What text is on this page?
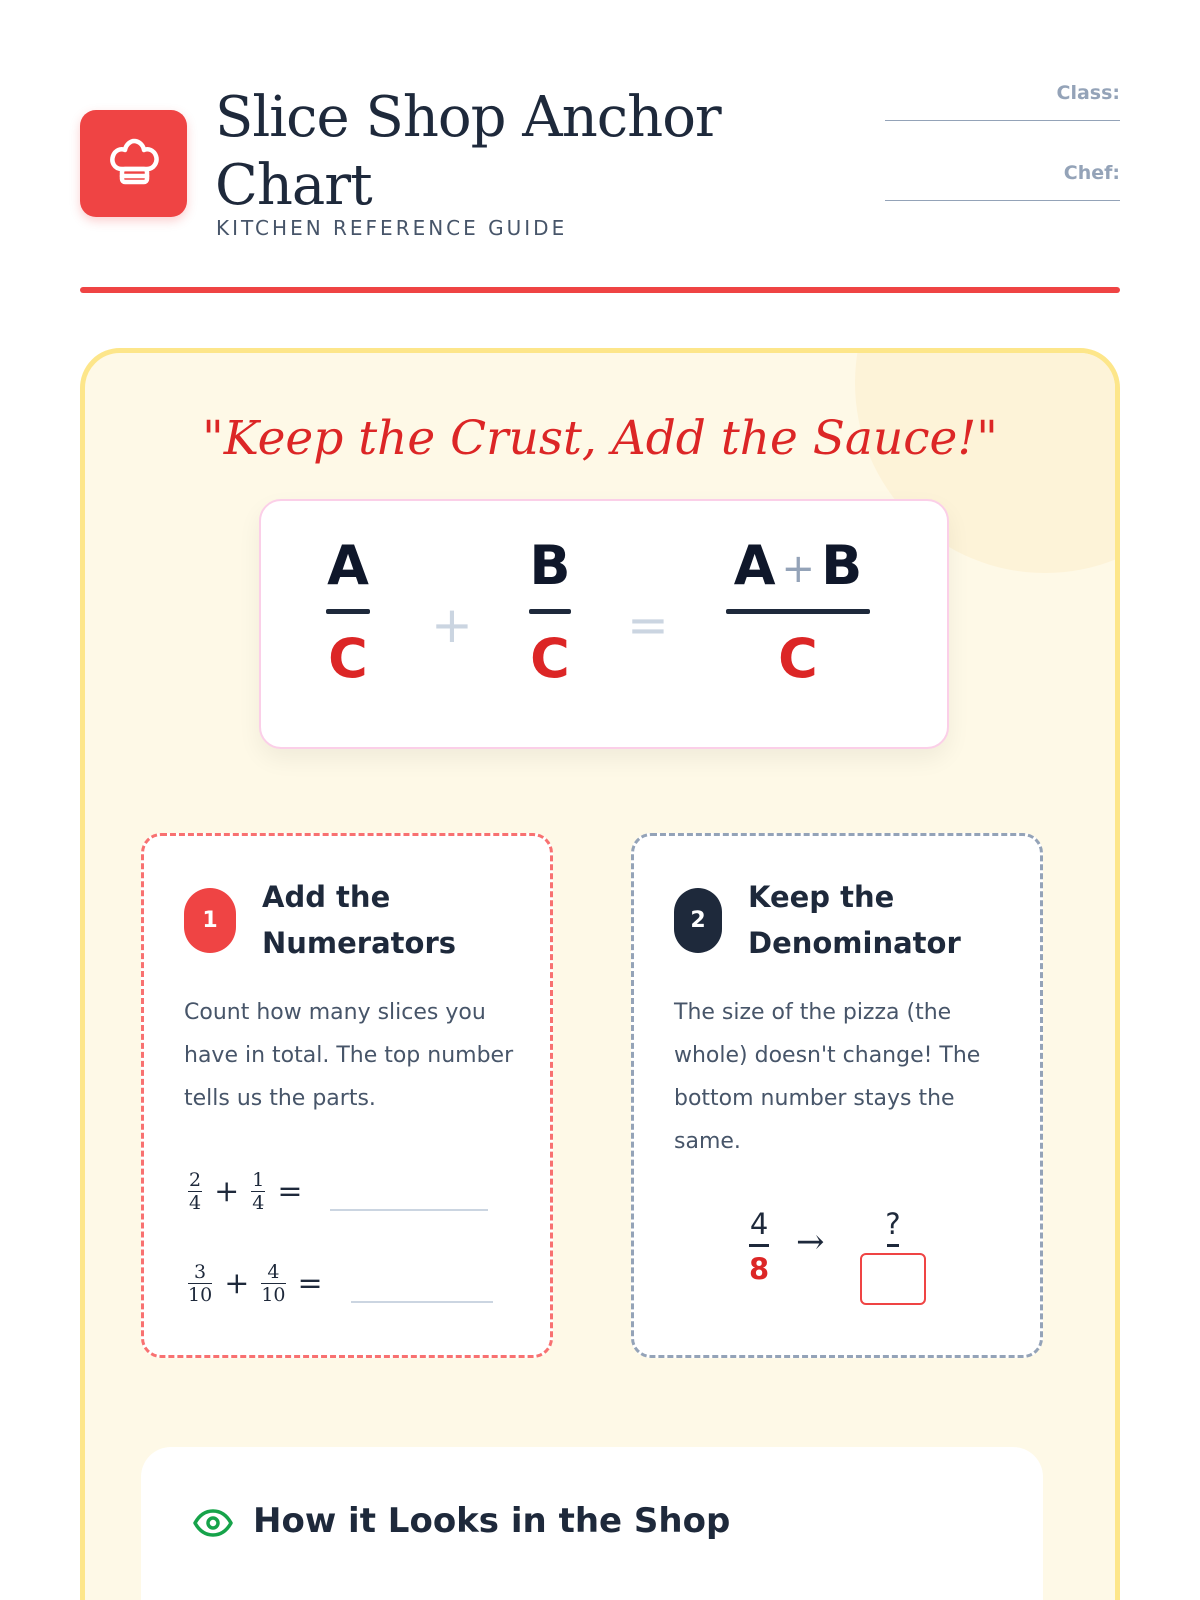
Slice Shop Anchor Chart
KITCHEN REFERENCE GUIDE
Class:
Chef:
"Keep the Crust, Add the Sauce!"
A
C
+
B
C
=
A + B
C
1
Add the Numerators
Count how many slices you have in total. The top number tells us the parts.
$\frac{2}{4} + \frac{1}{4}$ =
$\frac{3}{10} + \frac{4}{10}$ =
2
Keep the Denominator
The size of the pizza (the whole) doesn't change! The bottom number stays the same.
4
8
→	?
How it Looks in the Shop
